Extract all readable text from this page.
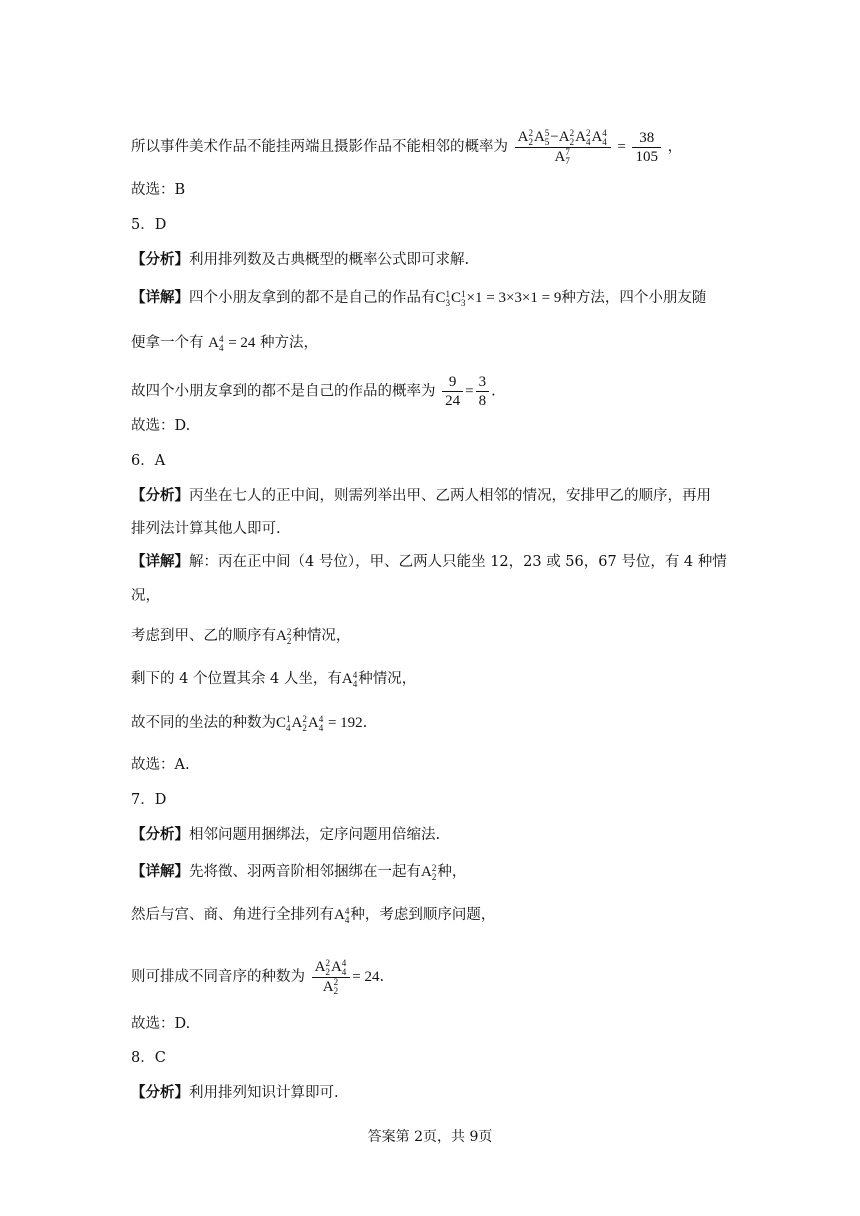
所以事件美术作品不能挂两端且摄影作品不能相邻的概率为 A 2
2 A 5
5 −A 2
2 A 2
4 A 4
4
A 7
$7 = \frac{38}{105}$ ，
故选：B
5．D
【分析】利用排列数及古典概型的概率公式即可求解.
【详解】四个小朋友拿到的都不是自己的作品有C 1
3 C 1
3 ×1 = 3×3×1 = 9种方法，四个小朋友随
便拿一个有 A 4
4 = 24 种方法，
故四个小朋友拿到的都不是自己的作品的概率为 $\frac{9}{24} = \frac{3}{8}$ .
故选：D.
6．A
【分析】丙坐在七人的正中间，则需列举出甲、乙两人相邻的情况，安排甲乙的顺序，再用
排列法计算其他人即可.
【详解】解：丙在正中间（4 号位），甲、乙两人只能坐 12，23 或 56，67 号位，有 4 种情
况，
考虑到甲、乙的顺序有A 2
2 种情况，
剩下的 4 个位置其余 4 人坐，有A 4
4 种情况，
故不同的坐法的种数为C 1
4 A 2
2 A 4
4 = 192.
故选：A.
7．D
【分析】相邻问题用捆绑法，定序问题用倍缩法.
【详解】先将徵、羽两音阶相邻捆绑在一起有A 2
2 种，
然后与宫、商、角进行全排列有A 4
4 种，考虑到顺序问题，
则可排成不同音序的种数为 A 2
2 A 4
4
A 2
2 = 24.
故选：D.
8．C
【分析】利用排列知识计算即可.
答案第 2页，共 9页
